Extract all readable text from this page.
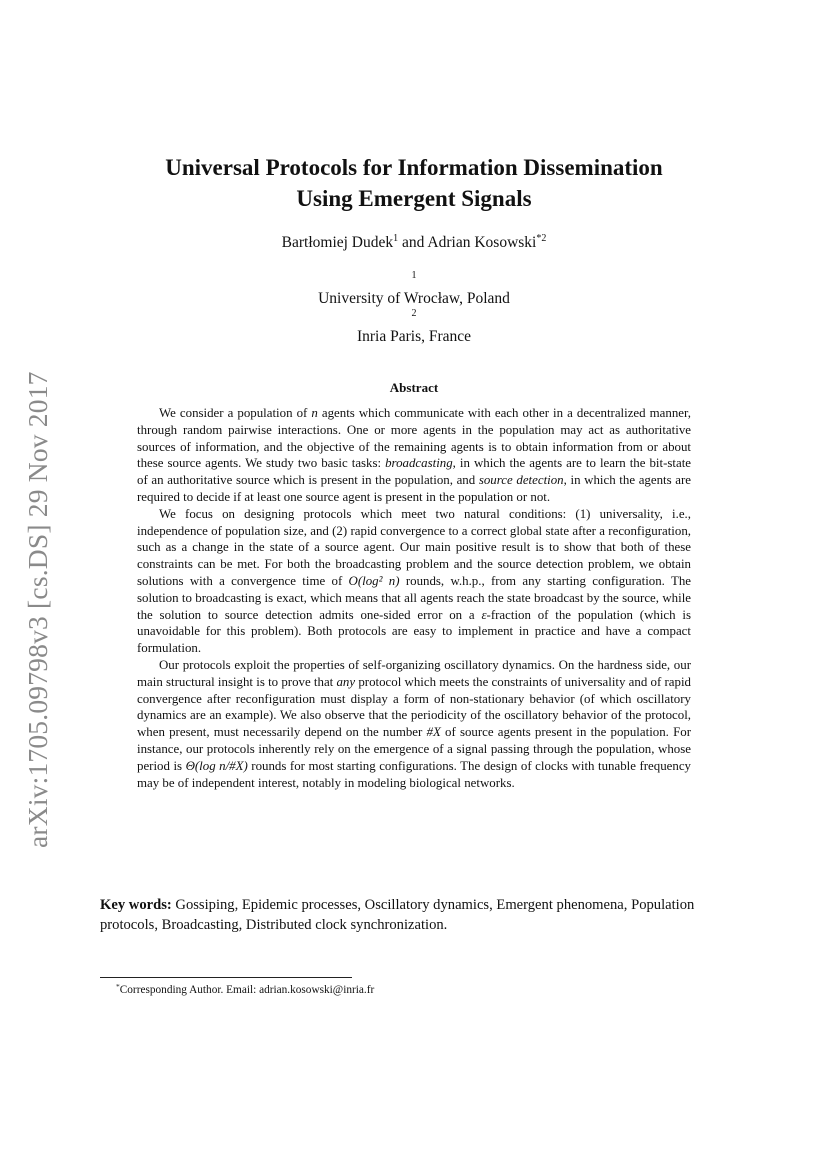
arXiv:1705.09798v3 [cs.DS] 29 Nov 2017
Universal Protocols for Information Dissemination
Using Emergent Signals
Bartłomiej Dudek$^1$ and Adrian Kosowski$^{*2}$
$^1$
University of Wrocław, Poland
$^2$
Inria Paris, France
Abstract

We consider a population of n agents which communicate with each other in a decentralized manner, through random pairwise interactions. One or more agents in the population may act as authoritative sources of information, and the objective of the remaining agents is to obtain information from or about these source agents. We study two basic tasks: broadcasting, in which the agents are to learn the bit-state of an authoritative source which is present in the population, and source detection, in which the agents are required to decide if at least one source agent is present in the population or not.

We focus on designing protocols which meet two natural conditions: (1) universality, i.e., independence of population size, and (2) rapid convergence to a correct global state after a reconfiguration, such as a change in the state of a source agent. Our main positive result is to show that both of these constraints can be met. For both the broadcasting problem and the source detection problem, we obtain solutions with a convergence time of O(log² n) rounds, w.h.p., from any starting configuration. The solution to broadcasting is exact, which means that all agents reach the state broadcast by the source, while the solution to source detection admits one-sided error on a ε-fraction of the population (which is unavoidable for this problem). Both protocols are easy to implement in practice and have a compact formulation.

Our protocols exploit the properties of self-organizing oscillatory dynamics. On the hardness side, our main structural insight is to prove that any protocol which meets the constraints of universality and of rapid convergence after reconfiguration must display a form of non-stationary behavior (of which oscillatory dynamics are an example). We also observe that the periodicity of the oscillatory behavior of the protocol, when present, must necessarily depend on the number #X of source agents present in the population. For instance, our protocols inherently rely on the emergence of a signal passing through the population, whose period is Θ(log n/#X) rounds for most starting configurations. The design of clocks with tunable frequency may be of independent interest, notably in modeling biological networks.

Key words: Gossiping, Epidemic processes, Oscillatory dynamics, Emergent phenomena, Population protocols, Broadcasting, Distributed clock synchronization.
*Corresponding Author. Email: adrian.kosowski@inria.fr
